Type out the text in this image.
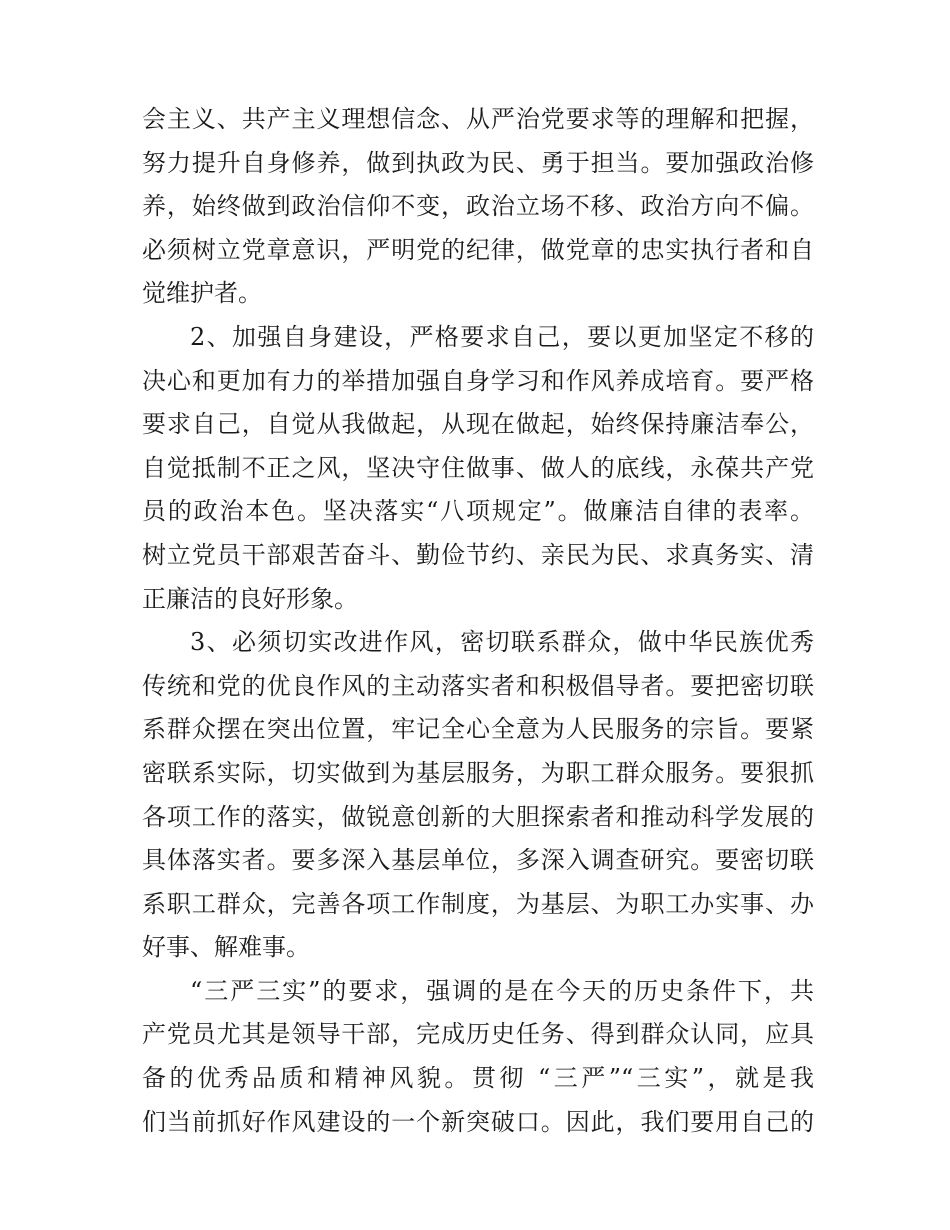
会主义、共产主义理想信念、从严治党要求等的理解和把握，
努力提升自身修养，做到执政为民、勇于担当。要加强政治修
养，始终做到政治信仰不变，政治立场不移、政治方向不偏。
必须树立党章意识，严明党的纪律，做党章的忠实执行者和自
觉维护者。
2、加强自身建设，严格要求自己，要以更加坚定不移的
决心和更加有力的举措加强自身学习和作风养成培育。要严格
要求自己，自觉从我做起，从现在做起，始终保持廉洁奉公，
自觉抵制不正之风，坚决守住做事、做人的底线，永葆共产党
员的政治本色。坚决落实“八项规定”。做廉洁自律的表率。
树立党员干部艰苦奋斗、勤俭节约、亲民为民、求真务实、清
正廉洁的良好形象。
3、必须切实改进作风，密切联系群众，做中华民族优秀
传统和党的优良作风的主动落实者和积极倡导者。要把密切联
系群众摆在突出位置，牢记全心全意为人民服务的宗旨。要紧
密联系实际，切实做到为基层服务，为职工群众服务。要狠抓
各项工作的落实，做锐意创新的大胆探索者和推动科学发展的
具体落实者。要多深入基层单位，多深入调查研究。要密切联
系职工群众，完善各项工作制度，为基层、为职工办实事、办
好事、解难事。
“三严三实”的要求，强调的是在今天的历史条件下，共
产党员尤其是领导干部，完成历史任务、得到群众认同，应具
备的优秀品质和精神风貌。贯彻 “三严”“三实”，就是我
们当前抓好作风建设的一个新突破口。因此，我们要用自己的
